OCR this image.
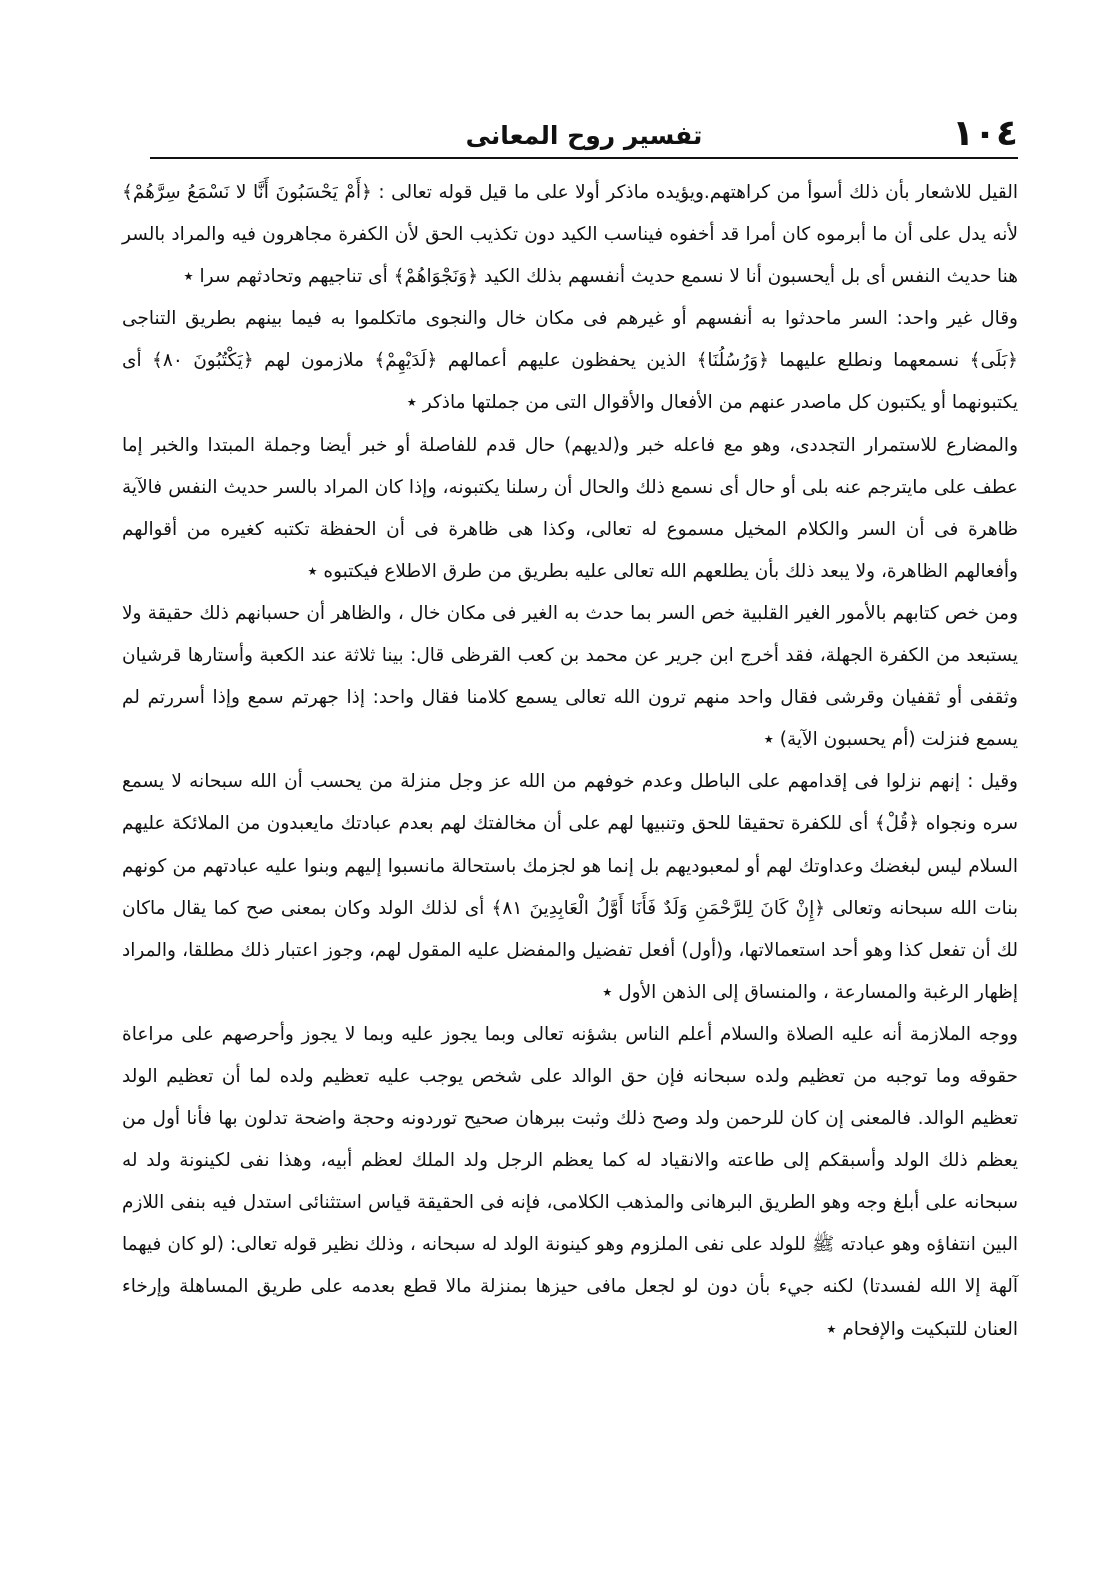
١٠٤
تفسير روح المعانى

القيل للاشعار بأن ذلك أسوأ من كراهتهم.ويؤيده ماذكر أولا على ما قيل قوله تعالى : ﴿أَمْ يَحْسَبُونَ أَنَّا لا نَسْمَعُ سِرَّهُمْ﴾ لأنه يدل على أن ما أبرموه كان أمرا قد أخفوه فيناسب الكيد دون تكذيب الحق لأن الكفرة مجاهرون فيه والمراد بالسر هنا حديث النفس أى بل أيحسبون أنا لا نسمع حديث أنفسهم بذلك الكيد ﴿وَنَجْوَاهُمْ﴾ أى تناجيهم وتحادثهم سرا ٭

وقال غير واحد: السر ماحدثوا به أنفسهم أو غيرهم فى مكان خال والنجوى ماتكلموا به فيما بينهم بطريق التناجى ﴿بَلَى﴾ نسمعهما ونطلع عليهما ﴿وَرُسُلُنَا﴾ الذين يحفظون عليهم أعمالهم ﴿لَدَيْهِمْ﴾ ملازمون لهم ﴿يَكْتُبُونَ ٨٠﴾ أى يكتبونهما أو يكتبون كل ماصدر عنهم من الأفعال والأقوال التى من جملتها ماذكر ٭

والمضارع للاستمرار التجددى، وهو مع فاعله خبر و(لديهم) حال قدم للفاصلة أو خبر أيضا وجملة المبتدا والخبر إما عطف على مايترجم عنه بلى أو حال أى نسمع ذلك والحال أن رسلنا يكتبونه، وإذا كان المراد بالسر حديث النفس فالآية ظاهرة فى أن السر والكلام المخيل مسموع له تعالى، وكذا هى ظاهرة فى أن الحفظة تكتبه كغيره من أقوالهم وأفعالهم الظاهرة، ولا يبعد ذلك بأن يطلعهم الله تعالى عليه بطريق من طرق الاطلاع فيكتبوه ٭

ومن خص كتابهم بالأمور الغير القلبية خص السر بما حدث به الغير فى مكان خال ، والظاهر أن حسبانهم ذلك حقيقة ولا يستبعد من الكفرة الجهلة، فقد أخرج ابن جرير عن محمد بن كعب القرظى قال: بينا ثلاثة عند الكعبة وأستارها قرشيان وثقفى أو ثقفيان وقرشى فقال واحد منهم ترون الله تعالى يسمع كلامنا فقال واحد: إذا جهرتم سمع وإذا أسررتم لم يسمع فنزلت (أم يحسبون الآية) ٭

وقيل : إنهم نزلوا فى إقدامهم على الباطل وعدم خوفهم من الله عز وجل منزلة من يحسب أن الله سبحانه لا يسمع سره ونجواه ﴿قُلْ﴾ أى للكفرة تحقيقا للحق وتنبيها لهم على أن مخالفتك لهم بعدم عبادتك مايعبدون من الملائكة عليهم السلام ليس لبغضك وعداوتك لهم أو لمعبوديهم بل إنما هو لجزمك باستحالة مانسبوا إليهم وبنوا عليه عبادتهم من كونهم بنات الله سبحانه وتعالى ﴿إِنْ كَانَ لِلرَّحْمَنِ وَلَدٌ فَأَنَا أَوَّلُ الْعَابِدِينَ ٨١﴾ أى لذلك الولد وكان بمعنى صح كما يقال ماكان لك أن تفعل كذا وهو أحد استعمالاتها، و(أول) أفعل تفضيل والمفضل عليه المقول لهم، وجوز اعتبار ذلك مطلقا، والمراد إظهار الرغبة والمسارعة ، والمنساق إلى الذهن الأول ٭

ووجه الملازمة أنه عليه الصلاة والسلام أعلم الناس بشؤنه تعالى وبما يجوز عليه وبما لا يجوز وأحرصهم على مراعاة حقوقه وما توجبه من تعظيم ولده سبحانه فإن حق الوالد على شخص يوجب عليه تعظيم ولده لما أن تعظيم الولد تعظيم الوالد. فالمعنى إن كان للرحمن ولد وصح ذلك وثبت ببرهان صحيح توردونه وحجة واضحة تدلون بها فأنا أول من يعظم ذلك الولد وأسبقكم إلى طاعته والانقياد له كما يعظم الرجل ولد الملك لعظم أبيه، وهذا نفى لكينونة ولد له سبحانه على أبلغ وجه وهو الطريق البرهانى والمذهب الكلامى، فإنه فى الحقيقة قياس استثنائى استدل فيه بنفى اللازم البين انتفاؤه وهو عبادته ﷺ للولد على نفى الملزوم وهو كينونة الولد له سبحانه ، وذلك نظير قوله تعالى: (لو كان فيهما آلهة إلا الله لفسدتا) لكنه جيء بأن دون لو لجعل مافى حيزها بمنزلة مالا قطع بعدمه على طريق المساهلة وإرخاء العنان للتبكيت والإفحام ٭
